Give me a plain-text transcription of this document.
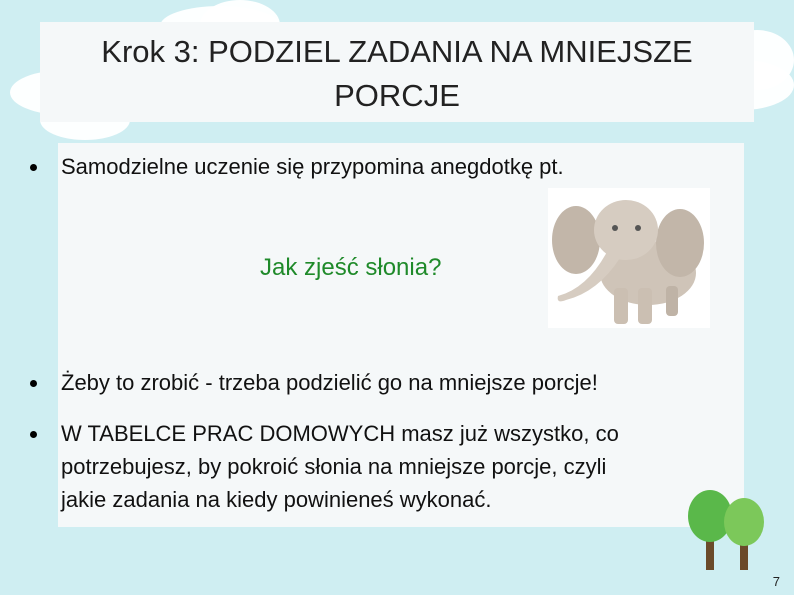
Krok 3: PODZIEL ZADANIA NA MNIEJSZE
PORCJE
Samodzielne uczenie się przypomina anegdotkę pt.
Jak zjeść słonia?
Żeby to zrobić - trzeba podzielić go na mniejsze porcje!
W TABELCE PRAC DOMOWYCH masz już wszystko, co
potrzebujesz, by pokroić słonia na mniejsze porcje, czyli
jakie zadania na kiedy powinieneś wykonać.
7
